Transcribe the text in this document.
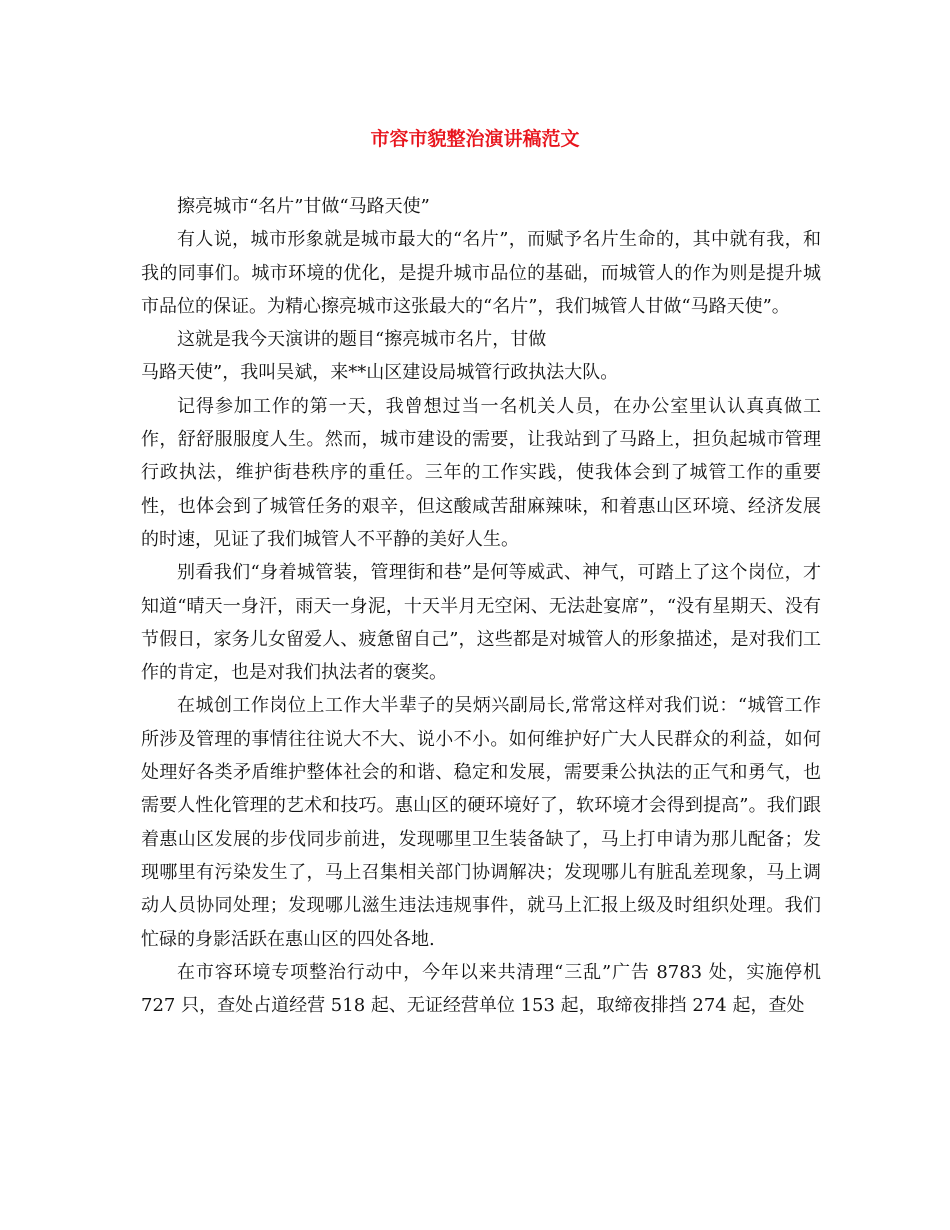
市容市貌整治演讲稿范文

擦亮城市“名片”甘做“马路天使”

有人说，城市形象就是城市最大的“名片”，而赋予名片生命的，其中就有我，和我的同事们。城市环境的优化，是提升城市品位的基础，而城管人的作为则是提升城市品位的保证。为精心擦亮城市这张最大的“名片”，我们城管人甘做“马路天使”。

这就是我今天演讲的题目“擦亮城市名片，甘做

马路天使”，我叫吴斌，来**山区建设局城管行政执法大队。

记得参加工作的第一天，我曾想过当一名机关人员，在办公室里认认真真做工作，舒舒服服度人生。然而，城市建设的需要，让我站到了马路上，担负起城市管理行政执法，维护街巷秩序的重任。三年的工作实践，使我体会到了城管工作的重要性，也体会到了城管任务的艰辛，但这酸咸苦甜麻辣味，和着惠山区环境、经济发展的时速，见证了我们城管人不平静的美好人生。

别看我们“身着城管装，管理街和巷”是何等威武、神气，可踏上了这个岗位，才知道“晴天一身汗，雨天一身泥，十天半月无空闲、无法赴宴席”，“没有星期天、没有节假日，家务儿女留爱人、疲惫留自己”，这些都是对城管人的形象描述，是对我们工作的肯定，也是对我们执法者的褒奖。

在城创工作岗位上工作大半辈子的吴炳兴副局长,常常这样对我们说：“城管工作所涉及管理的事情往往说大不大、说小不小。如何维护好广大人民群众的利益，如何处理好各类矛盾维护整体社会的和谐、稳定和发展，需要秉公执法的正气和勇气，也需要人性化管理的艺术和技巧。惠山区的硬环境好了，软环境才会得到提高”。我们跟着惠山区发展的步伐同步前进，发现哪里卫生装备缺了，马上打申请为那儿配备；发现哪里有污染发生了，马上召集相关部门协调解决；发现哪儿有脏乱差现象，马上调动人员协同处理；发现哪儿滋生违法违规事件，就马上汇报上级及时组织处理。我们忙碌的身影活跃在惠山区的四处各地.

在市容环境专项整治行动中，今年以来共清理“三乱”广告 8783 处，实施停机 727 只，查处占道经营 518 起、无证经营单位 153 起，取缔夜排挡 274 起，查处
